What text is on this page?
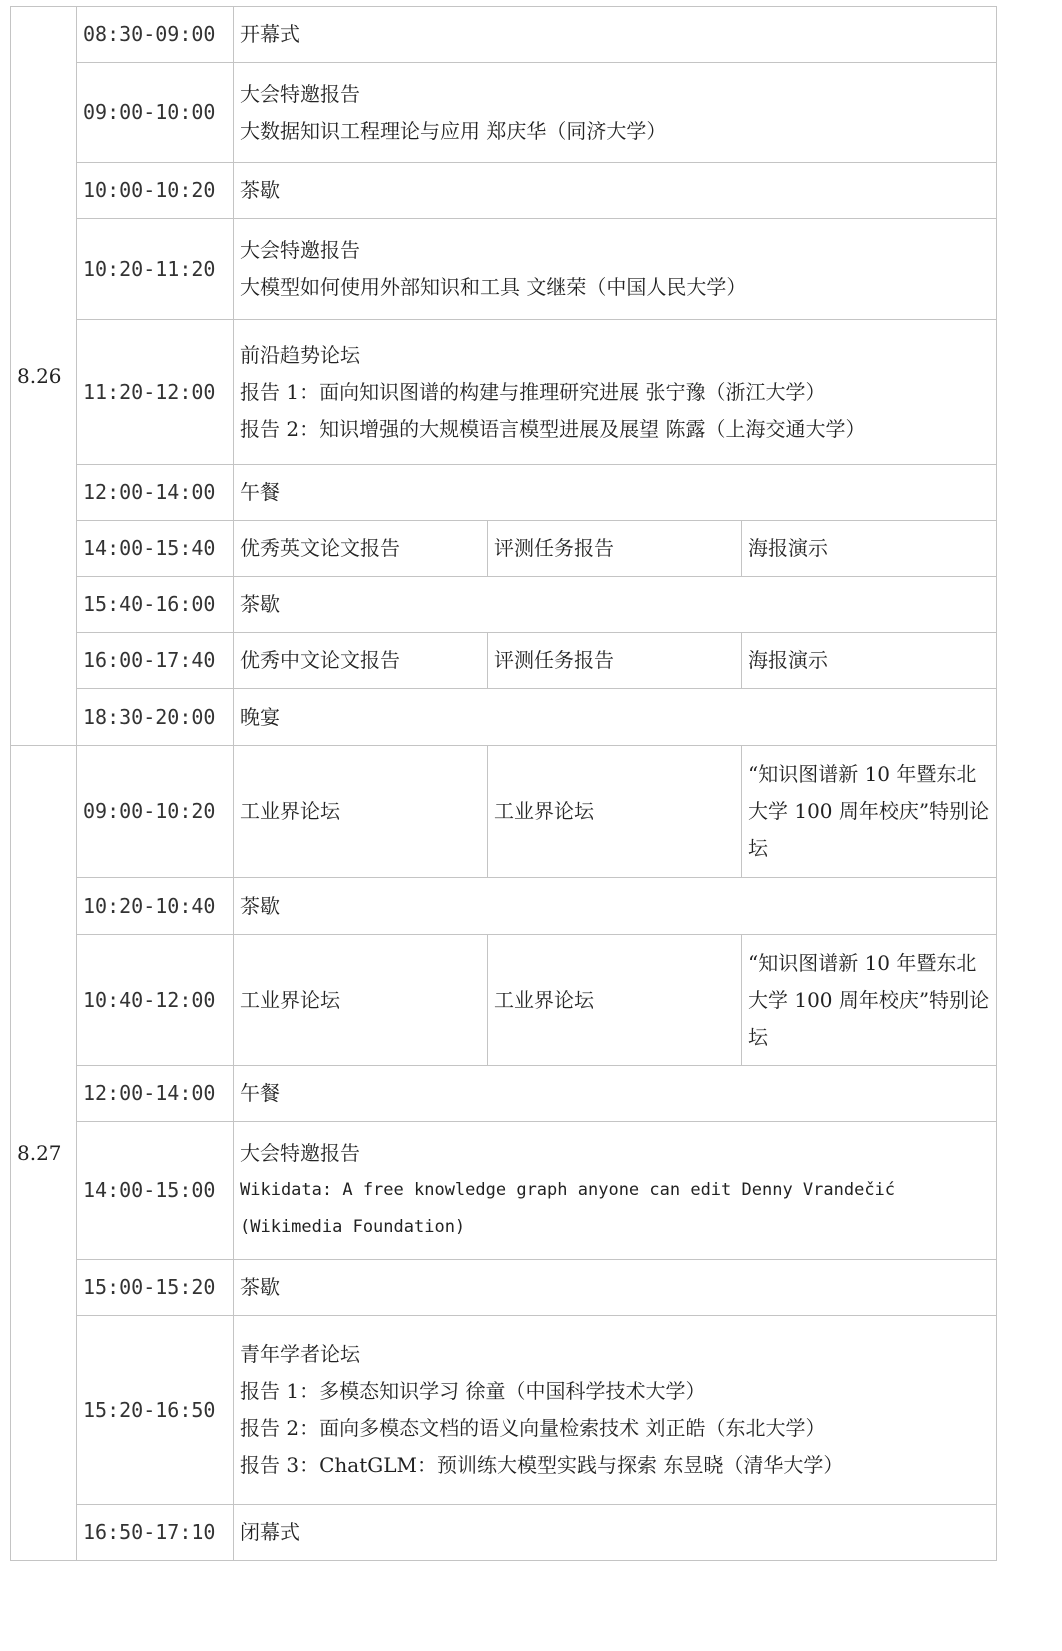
8.26	08:30-09:00	开幕式		

	09:00-10:00	大会特邀报告
大数据知识工程理论与应用 郑庆华（同济大学）		

	10:00-10:20	茶歇		

	10:20-11:20	大会特邀报告
大模型如何使用外部知识和工具 文继荣（中国人民大学）		

	11:20-12:00	前沿趋势论坛
报告 1：面向知识图谱的构建与推理研究进展 张宁豫（浙江大学）
报告 2：知识增强的大规模语言模型进展及展望 陈露（上海交通大学）		

	12:00-14:00	午餐		

	14:00-15:40	优秀英文论文报告	评测任务报告	海报演示
	15:40-16:00	茶歇		

	16:00-17:40	优秀中文论文报告	评测任务报告	海报演示
	18:30-20:00	晚宴		

8.27	09:00-10:20	工业界论坛	工业界论坛	“知识图谱新 10 年暨东北大学 100 周年校庆”特别论坛

	10:20-10:40	茶歇		

	10:40-12:00	工业界论坛	工业界论坛	“知识图谱新 10 年暨东北大学 100 周年校庆”特别论坛

	12:00-14:00	午餐		

	14:00-15:00	大会特邀报告
Wikidata: A free knowledge graph anyone can edit Denny Vrandečić
(Wikimedia Foundation)		

	15:00-15:20	茶歇		

	15:20-16:50	青年学者论坛
报告 1：多模态知识学习 徐童（中国科学技术大学）
报告 2：面向多模态文档的语义向量检索技术 刘正皓（东北大学）
报告 3：ChatGLM：预训练大模型实践与探索 东昱晓（清华大学）		

	16:50-17:10	闭幕式		
